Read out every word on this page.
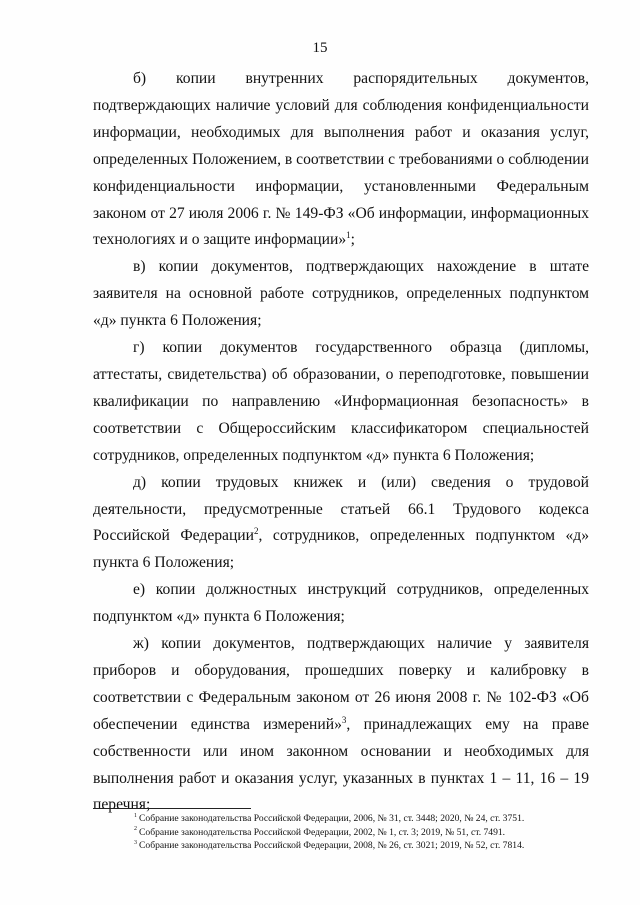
15

б) копии внутренних распорядительных документов, подтверждающих наличие условий для соблюдения конфиденциальности информации, необходимых для выполнения работ и оказания услуг, определенных Положением, в соответствии с требованиями о соблюдении конфиденциальности информации, установленными Федеральным законом от 27 июля 2006 г. № 149-ФЗ «Об информации, информационных технологиях и о защите информации»$^1$;

в) копии документов, подтверждающих нахождение в штате заявителя на основной работе сотрудников, определенных подпунктом «д» пункта 6 Положения;

г) копии документов государственного образца (дипломы, аттестаты, свидетельства) об образовании, о переподготовке, повышении квалификации по направлению «Информационная безопасность» в соответствии с Общероссийским классификатором специальностей сотрудников, определенных подпунктом «д» пункта 6 Положения;

д) копии трудовых книжек и (или) сведения о трудовой деятельности, предусмотренные статьей 66.1 Трудового кодекса Российской Федерации$^2$, сотрудников, определенных подпунктом «д» пункта 6 Положения;

е) копии должностных инструкций сотрудников, определенных подпунктом «д» пункта 6 Положения;

ж) копии документов, подтверждающих наличие у заявителя приборов и оборудования, прошедших поверку и калибровку в соответствии с Федеральным законом от 26 июня 2008 г. № 102-ФЗ «Об обеспечении единства измерений»$^3$, принадлежащих ему на праве собственности или ином законном основании и необходимых для выполнения работ и оказания услуг, указанных в пунктах 1 – 11, 16 – 19 перечня;

$^1$ Собрание законодательства Российской Федерации, 2006, № 31, ст. 3448; 2020, № 24, ст. 3751.
$^2$ Собрание законодательства Российской Федерации, 2002, № 1, ст. 3; 2019, № 51, ст. 7491.
$^3$ Собрание законодательства Российской Федерации, 2008, № 26, ст. 3021; 2019, № 52, ст. 7814.
